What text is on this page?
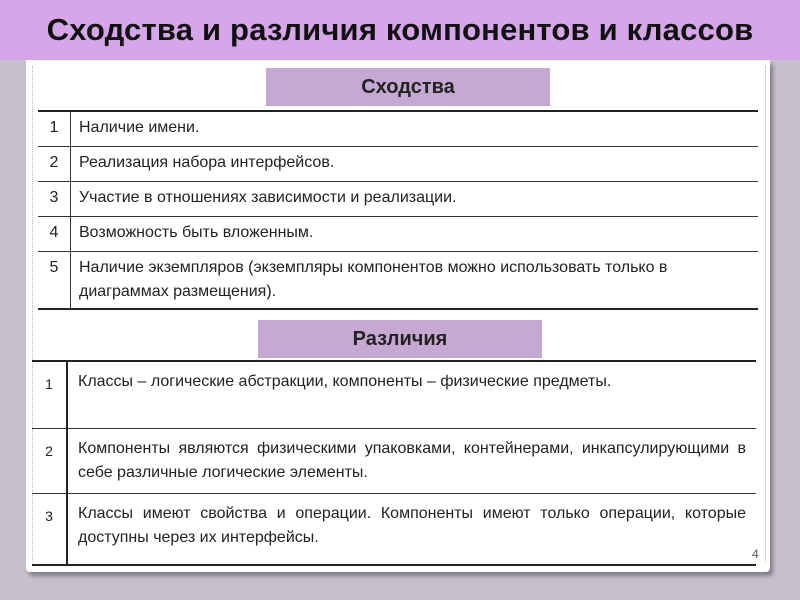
Сходства и различия компонентов и классов
Сходства
1	Наличие имени.
2	Реализация набора интерфейсов.
3	Участие в отношениях зависимости и реализации.
4	Возможность быть вложенным.
5	Наличие экземпляров (экземпляры компонентов можно использовать только в диаграммах размещения).
Различия
1	Классы – логические абстракции, компоненты – физические предметы.
2	Компоненты являются физическими упаковками, контейнерами, инкапсулирующими в себе различные логические элементы.
3	Классы имеют свойства и операции. Компоненты имеют только операции, которые доступны через их интерфейсы.
4
